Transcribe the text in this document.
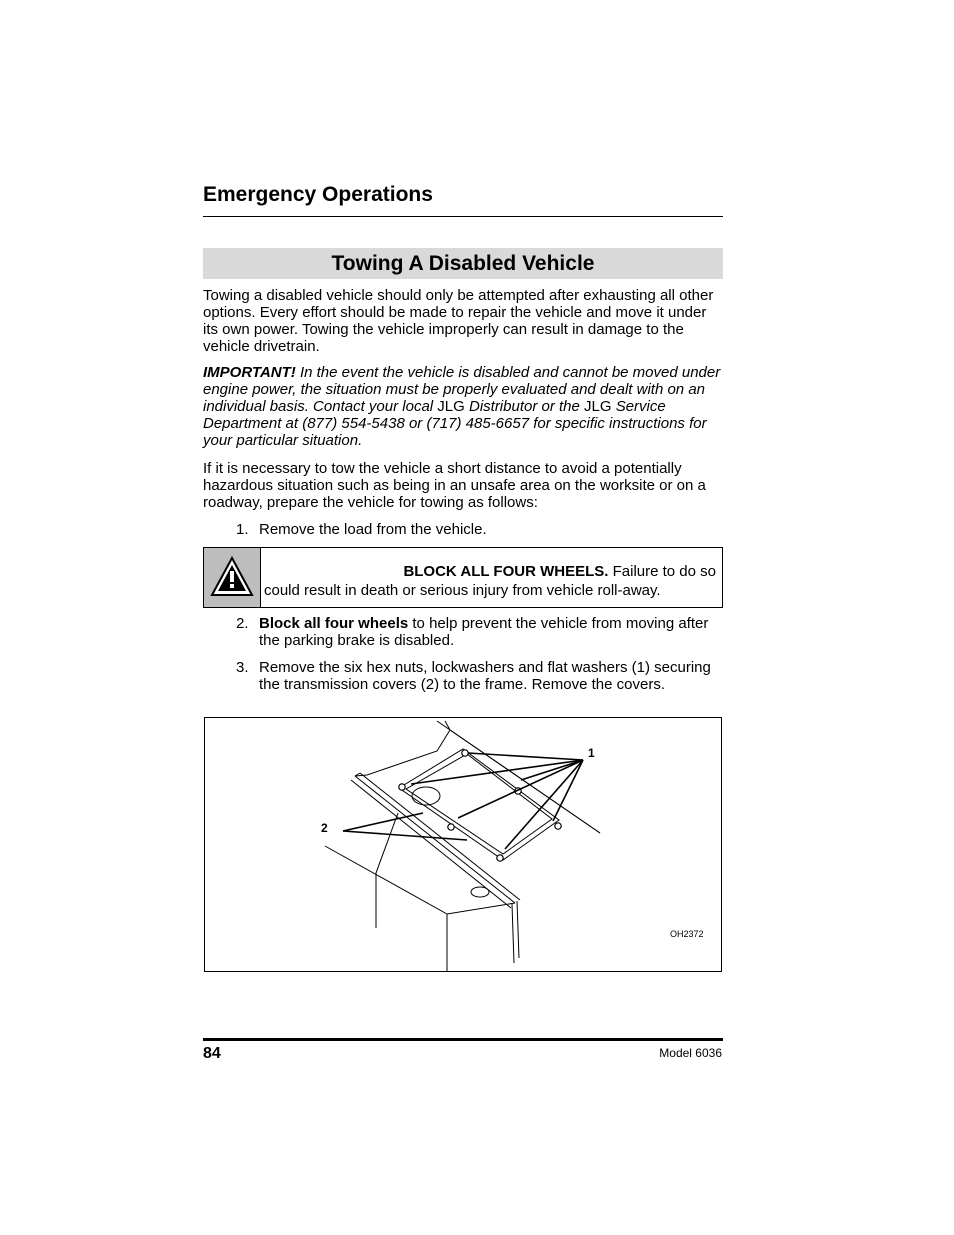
Emergency Operations
Towing A Disabled Vehicle

Towing a disabled vehicle should only be attempted after exhausting all other options. Every effort should be made to repair the vehicle and move it under its own power. Towing the vehicle improperly can result in damage to the vehicle drivetrain.

IMPORTANT! In the event the vehicle is disabled and cannot be moved under engine power, the situation must be properly evaluated and dealt with on an individual basis. Contact your local JLG Distributor or the JLG Service Department at (877) 554-5438 or (717) 485-6657 for specific instructions for your particular situation.

If it is necessary to tow the vehicle a short distance to avoid a potentially hazardous situation such as being in an unsafe area on the worksite or on a roadway, prepare the vehicle for towing as follows:

1. Remove the load from the vehicle.
BLOCK ALL FOUR WHEELS. Failure to do so
could result in death or serious injury from vehicle roll-away.
2. Block all four wheels to help prevent the vehicle from moving after the parking brake is disabled.
3. Remove the six hex nuts, lockwashers and flat washers (1) securing the transmission covers (2) to the frame. Remove the covers.
1
2
OH2372
84	Model 6036
